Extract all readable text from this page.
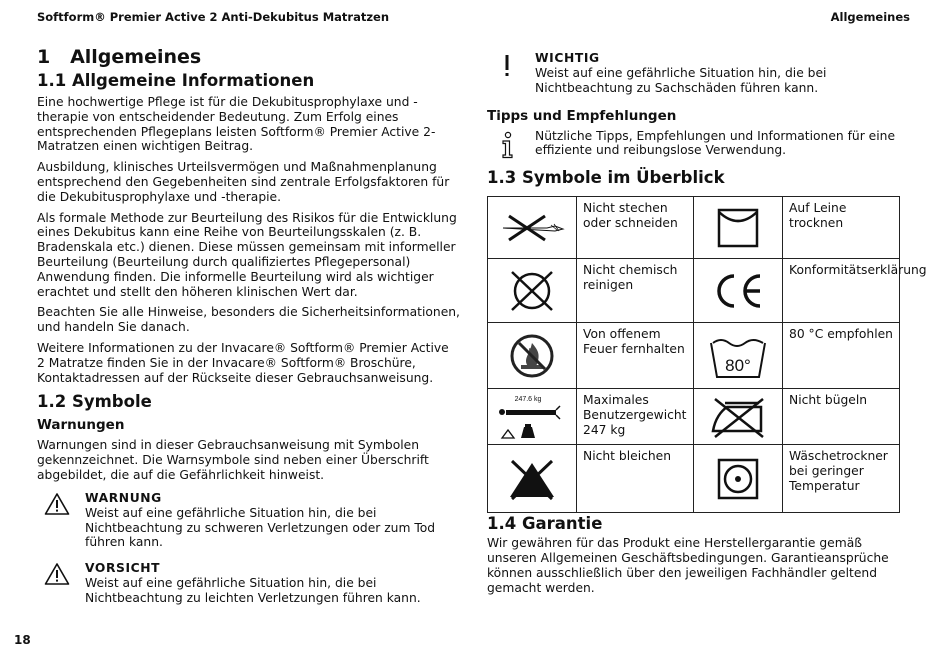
Softform® Premier Active 2 Anti-Dekubitus Matratzen	Allgemeines
1   Allgemeines
1.1 Allgemeine Informationen

Eine hochwertige Pflege ist für die Dekubitusprophylaxe und -therapie von entscheidender Bedeutung. Zum Erfolg eines entsprechenden Pflegeplans leisten Softform® Premier Active 2-Matratzen einen wichtigen Beitrag.

Ausbildung, klinisches Urteilsvermögen und Maßnahmenplanung entsprechend den Gegebenheiten sind zentrale Erfolgsfaktoren für die Dekubitusprophylaxe und -therapie.

Als formale Methode zur Beurteilung des Risikos für die Entwicklung eines Dekubitus kann eine Reihe von Beurteilungsskalen (z. B. Bradenskala etc.) dienen. Diese müssen gemeinsam mit informeller Beurteilung (Beurteilung durch qualifiziertes Pflegepersonal) Anwendung finden. Die informelle Beurteilung wird als wichtiger erachtet und stellt den höheren klinischen Wert dar.

Beachten Sie alle Hinweise, besonders die Sicherheitsinformationen, und handeln Sie danach.

Weitere Informationen zu der Invacare® Softform® Premier Active 2 Matratze finden Sie in der Invacare® Softform® Broschüre, Kontaktadressen auf der Rückseite dieser Gebrauchsanweisung.

1.2 Symbole
Warnungen

Warnungen sind in dieser Gebrauchsanweisung mit Symbolen gekennzeichnet. Die Warnsymbole sind neben einer Überschrift abgebildet, die auf die Gefährlichkeit hinweist.

WARNUNG

Weist auf eine gefährliche Situation hin, die bei Nichtbeachtung zu schweren Verletzungen oder zum Tod führen kann.

VORSICHT

Weist auf eine gefährliche Situation hin, die bei Nichtbeachtung zu leichten Verletzungen führen kann.

WICHTIG

Weist auf eine gefährliche Situation hin, die bei Nichtbeachtung zu Sachschäden führen kann.

Tipps und Empfehlungen

Nützliche Tipps, Empfehlungen und Informationen für eine effiziente und reibungslose Verwendung.

1.3 Symbole im Überblick
	Nicht stechen oder schneiden		Auf Leine trocknen

	Nicht chemisch reinigen		Konformitätserklärung

	Von offenem Feuer fernhalten	80°	80 °C empfohlen

247.6 kg	Maximales Benutzergewicht 247 kg		Nicht bügeln

	Nicht bleichen		Wäschetrockner bei geringer Temperatur
1.4 Garantie

Wir gewähren für das Produkt eine Herstellergarantie gemäß unseren Allgemeinen Geschäftsbedingungen. Garantieansprüche können ausschließlich über den jeweiligen Fachhändler geltend gemacht werden.

18
